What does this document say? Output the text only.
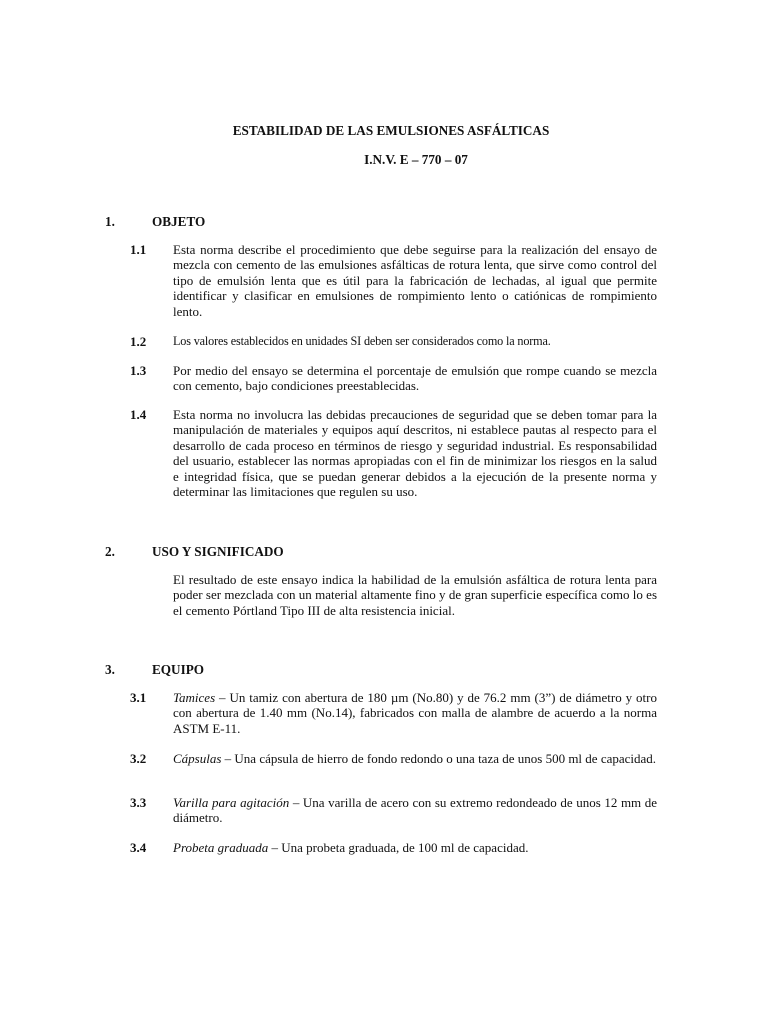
ESTABILIDAD DE LAS EMULSIONES ASFÁLTICAS
I.N.V. E – 770 – 07
1.	OBJETO
1.1 Esta norma describe el procedimiento que debe seguirse para la realización del ensayo de mezcla con cemento de las emulsiones asfálticas de rotura lenta, que sirve como control del tipo de emulsión lenta que es útil para la fabricación de lechadas, al igual que permite identificar y clasificar en emulsiones de rompimiento lento o catiónicas de rompimiento lento.
1.2 Los valores establecidos en unidades SI deben ser considerados como la norma.
1.3 Por medio del ensayo se determina el porcentaje de emulsión que rompe cuando se mezcla con cemento, bajo condiciones preestablecidas.
1.4 Esta norma no involucra las debidas precauciones de seguridad que se deben tomar para la manipulación de materiales y equipos aquí descritos, ni establece pautas al respecto para el desarrollo de cada proceso en términos de riesgo y seguridad industrial. Es responsabilidad del usuario, establecer las normas apropiadas con el fin de minimizar los riesgos en la salud e integridad física, que se puedan generar debidos a la ejecución de la presente norma y determinar las limitaciones que regulen su uso.
2.	USO Y SIGNIFICADO
El resultado de este ensayo indica la habilidad de la emulsión asfáltica de rotura lenta para poder ser mezclada con un material altamente fino y de gran superficie específica como lo es el cemento Pórtland Tipo III de alta resistencia inicial.
3.	EQUIPO
3.1 Tamices – Un tamiz con abertura de 180 µm (No.80) y de 76.2 mm (3”) de diámetro y otro con abertura de 1.40 mm (No.14), fabricados con malla de alambre de acuerdo a la norma ASTM E-11.
3.2 Cápsulas – Una cápsula de hierro de fondo redondo o una taza de unos 500 ml de capacidad.
3.3 Varilla para agitación – Una varilla de acero con su extremo redondeado de unos 12 mm de diámetro.
3.4 Probeta graduada – Una probeta graduada, de 100 ml de capacidad.
